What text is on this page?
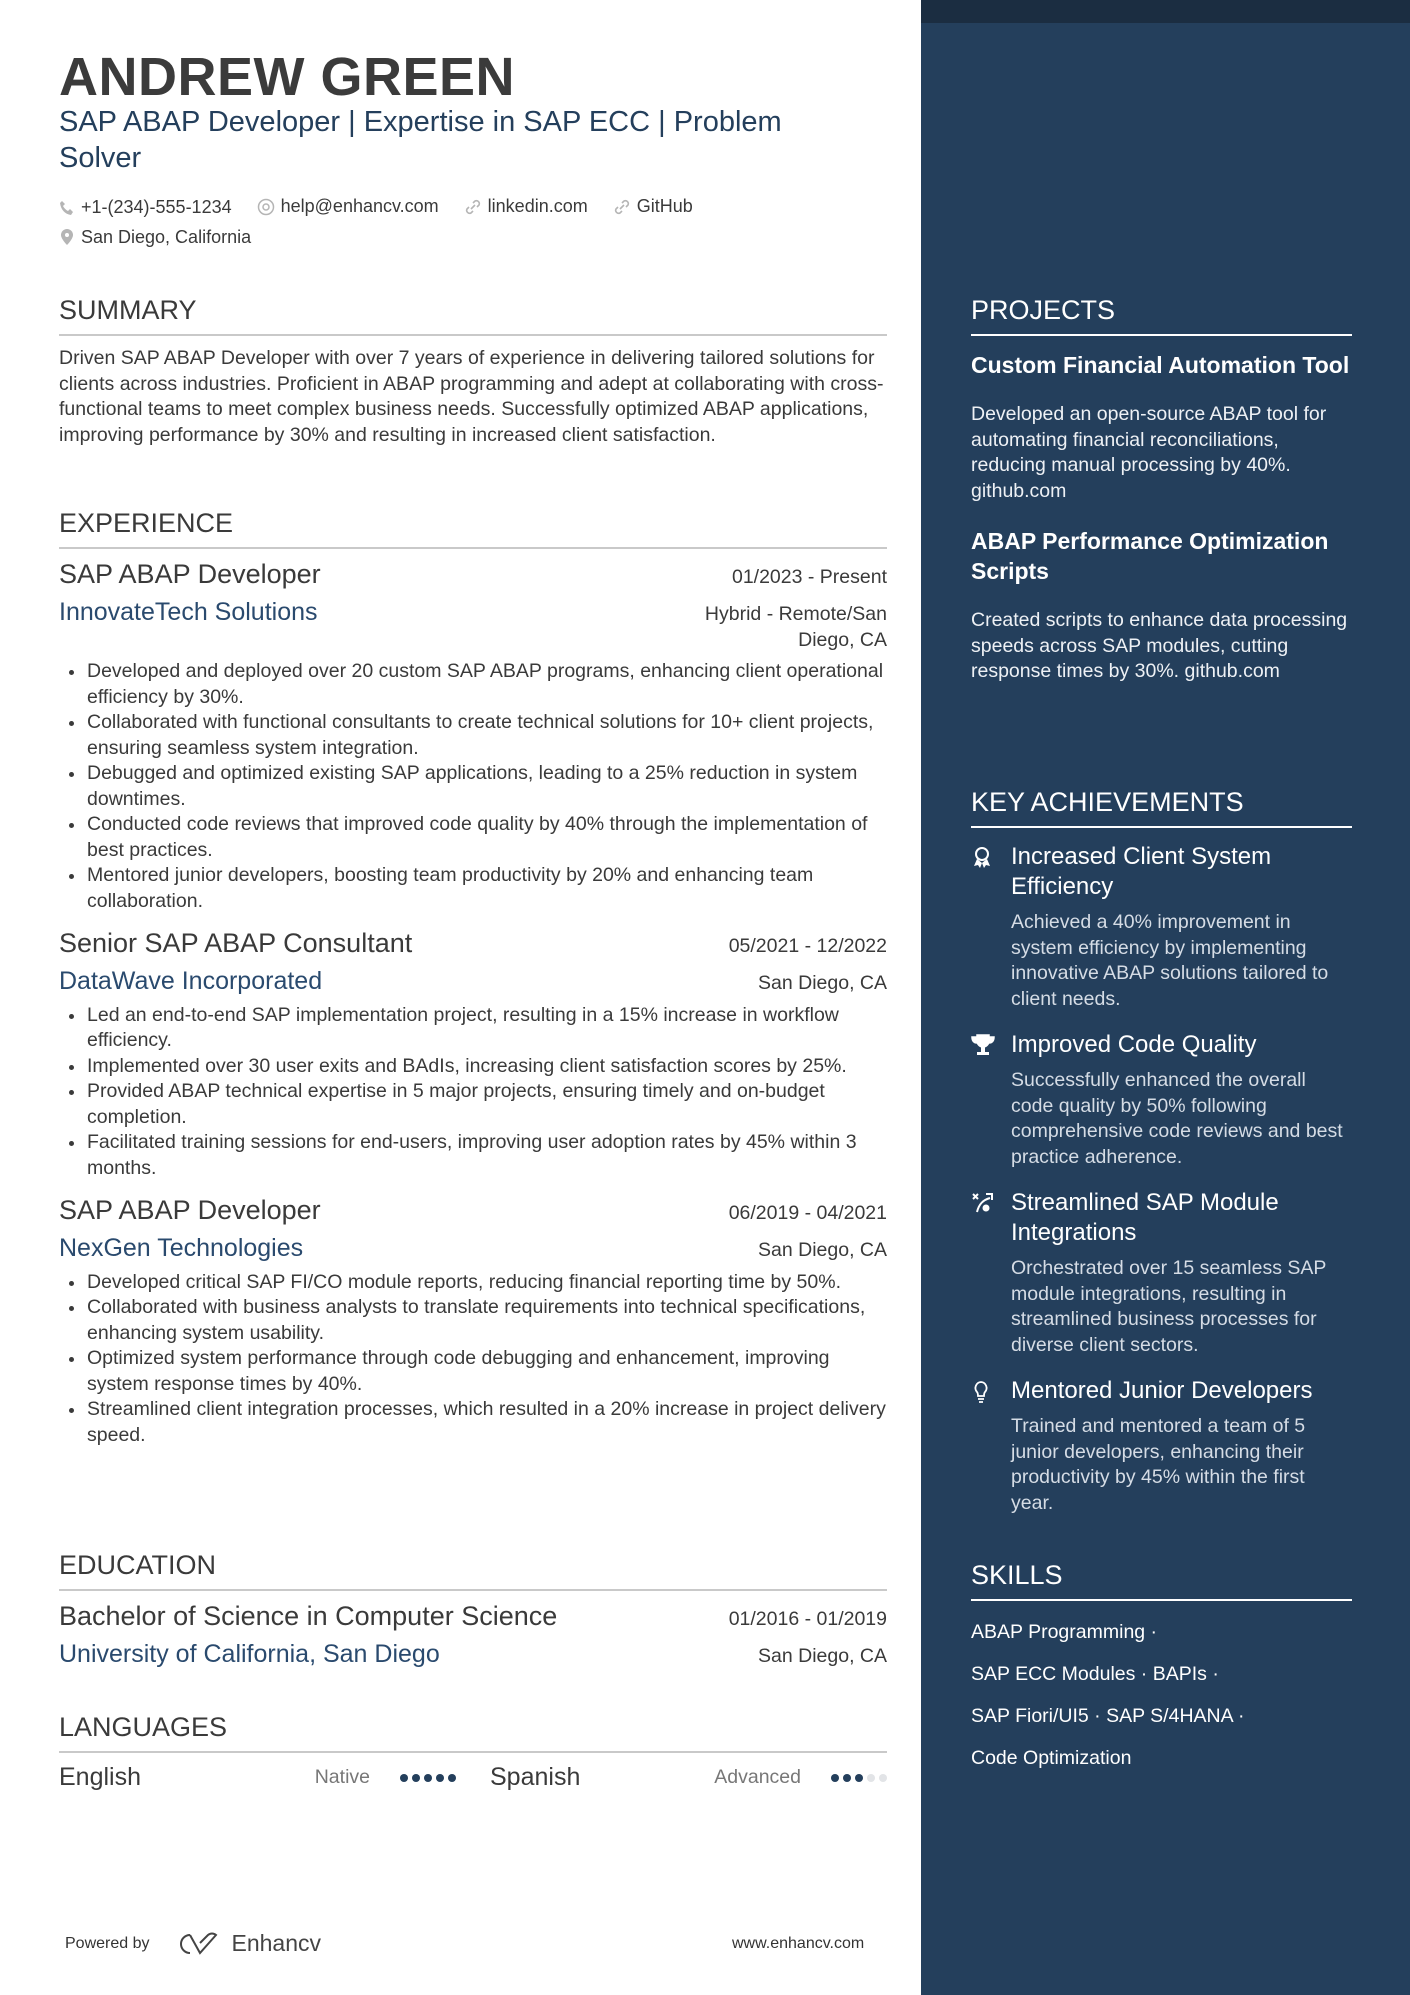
ANDREW GREEN
SAP ABAP Developer | Expertise in SAP ECC | Problem Solver
+1-(234)-555-1234
	help@enhancv.com
	linkedin.com
	GitHub
San Diego, California
SUMMARY
Driven SAP ABAP Developer with over 7 years of experience in delivering tailored solutions for clients across industries. Proficient in ABAP programming and adept at collaborating with cross-functional teams to meet complex business needs. Successfully optimized ABAP applications, improving performance by 30% and resulting in increased client satisfaction.
EXPERIENCE
SAP ABAP Developer	01/2023 - Present
InnovateTech Solutions	Hybrid - Remote/San Diego, CA
Developed and deployed over 20 custom SAP ABAP programs, enhancing client operational efficiency by 30%.
Collaborated with functional consultants to create technical solutions for 10+ client projects, ensuring seamless system integration.
Debugged and optimized existing SAP applications, leading to a 25% reduction in system downtimes.
Conducted code reviews that improved code quality by 40% through the implementation of best practices.
Mentored junior developers, boosting team productivity by 20% and enhancing team collaboration.
Senior SAP ABAP Consultant	05/2021 - 12/2022
DataWave Incorporated	San Diego, CA
Led an end-to-end SAP implementation project, resulting in a 15% increase in workflow efficiency.
Implemented over 30 user exits and BAdIs, increasing client satisfaction scores by 25%.
Provided ABAP technical expertise in 5 major projects, ensuring timely and on-budget completion.
Facilitated training sessions for end-users, improving user adoption rates by 45% within 3 months.
SAP ABAP Developer	06/2019 - 04/2021
NexGen Technologies	San Diego, CA
Developed critical SAP FI/CO module reports, reducing financial reporting time by 50%.
Collaborated with business analysts to translate requirements into technical specifications, enhancing system usability.
Optimized system performance through code debugging and enhancement, improving system response times by 40%.
Streamlined client integration processes, which resulted in a 20% increase in project delivery speed.
EDUCATION
Bachelor of Science in Computer Science	01/2016 - 01/2019
University of California, San Diego	San Diego, CA
LANGUAGES
English	Native	Spanish	Advanced
Powered by	Enhancv	www.enhancv.com
PROJECTS
Custom Financial Automation Tool
Developed an open-source ABAP tool for automating financial reconciliations, reducing manual processing by 40%. github.com
ABAP Performance Optimization Scripts
Created scripts to enhance data processing speeds across SAP modules, cutting response times by 30%. github.com
KEY ACHIEVEMENTS
Increased Client System Efficiency
Achieved a 40% improvement in system efficiency by implementing innovative ABAP solutions tailored to client needs.
Improved Code Quality
Successfully enhanced the overall code quality by 50% following comprehensive code reviews and best practice adherence.
Streamlined SAP Module Integrations
Orchestrated over 15 seamless SAP module integrations, resulting in streamlined business processes for diverse client sectors.
Mentored Junior Developers
Trained and mentored a team of 5 junior developers, enhancing their productivity by 45% within the first year.
SKILLS
ABAP Programming ·
SAP ECC Modules · BAPIs ·
SAP Fiori/UI5 · SAP S/4HANA ·
Code Optimization
